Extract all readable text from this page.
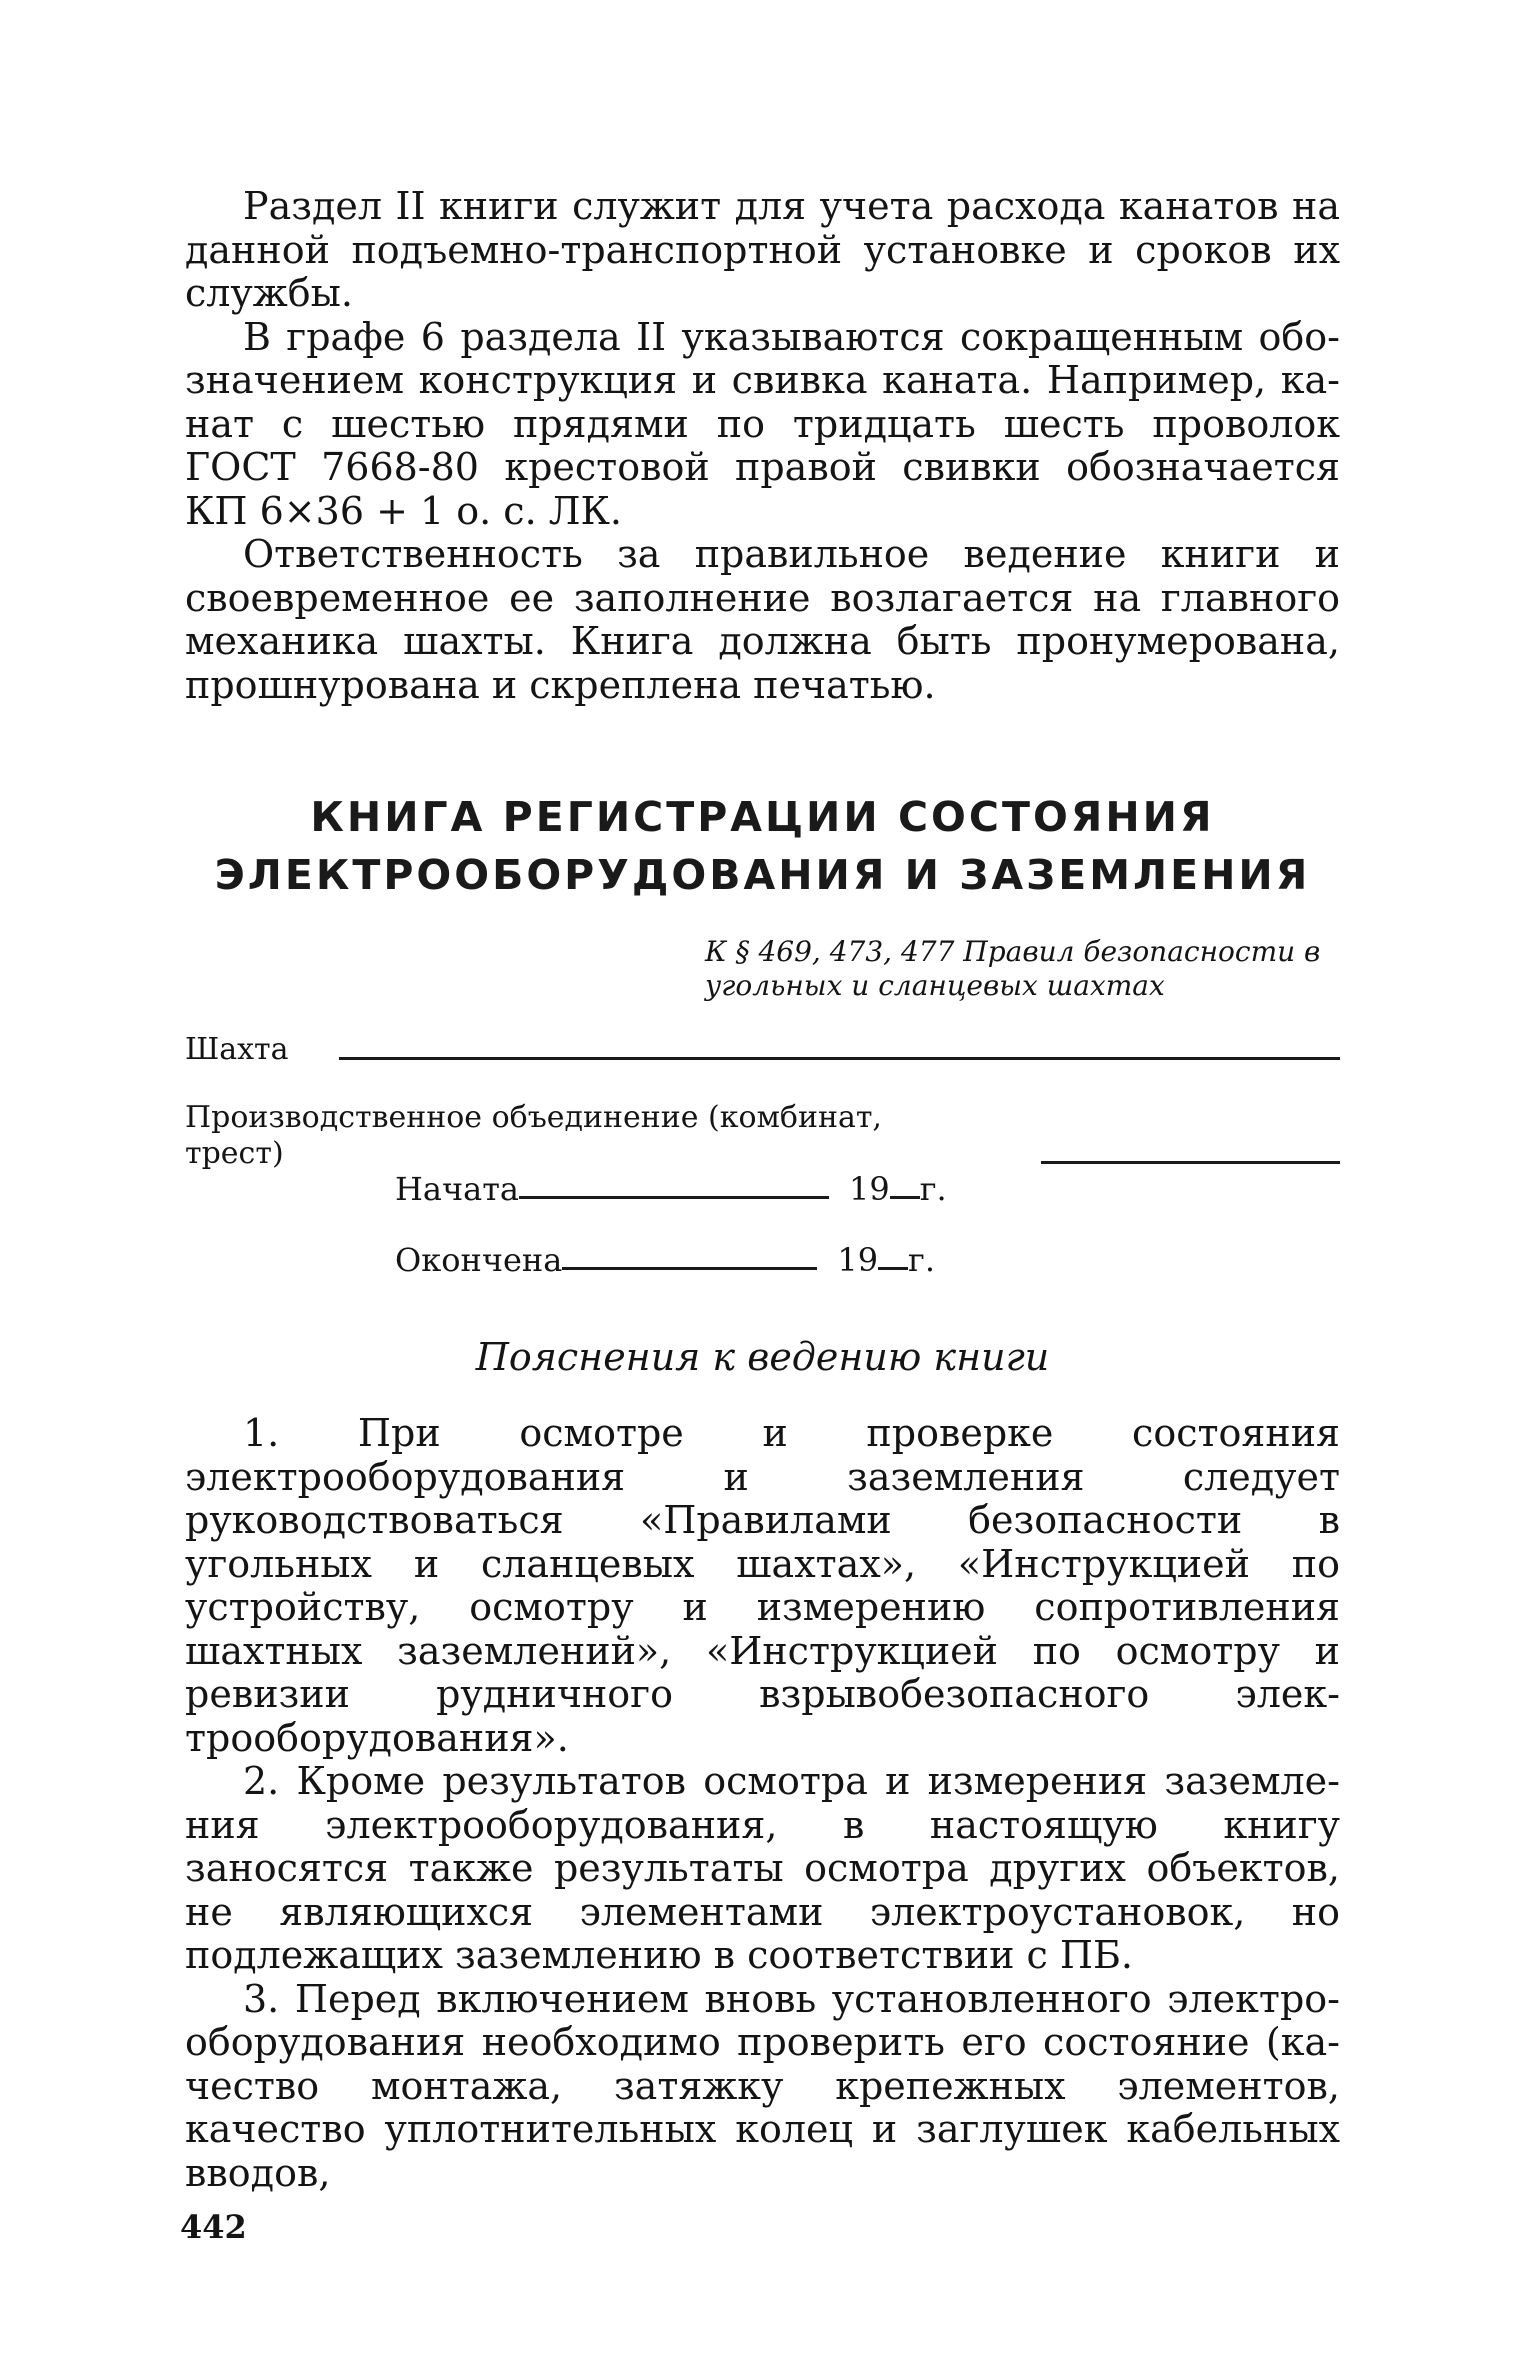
Раздел II книги служит для учета расхода канатов на данной подъемно-транспортной установке и сроков их службы.

В графе 6 раздела II указываются сокращенным обозначением конструкция и свивка каната. Например, канат с шестью прядями по тридцать шесть проволок ГОСТ 7668-80 крестовой правой свивки обозначается КП 6×36 + 1 о. с. ЛК.

Ответственность за правильное ведение книги и своевременное ее заполнение возлагается на главного механика шахты. Книга должна быть пронумерована, прошнурована и скреплена печатью.

КНИГА РЕГИСТРАЦИИ СОСТОЯНИЯ
ЭЛЕКТРООБОРУДОВАНИЯ И ЗАЗЕМЛЕНИЯ

К § 469, 473, 477 Правил безопасности в угольных и сланцевых шахтах

Шахта
Производственное объединение (комбинат, трест)
Начата	19 г.
Окончена	19 г.

Пояснения к ведению книги

1. При осмотре и проверке состояния электрооборудования и заземления следует руководствоваться «Правилами безопасности в угольных и сланцевых шахтах», «Инструкцией по устройству, осмотру и измерению сопротивления шахтных заземлений», «Инструкцией по осмотру и ревизии рудничного взрывобезопасного электрооборудования».

2. Кроме результатов осмотра и измерения заземления электрооборудования, в настоящую книгу заносятся также результаты осмотра других объектов, не являющихся элементами электроустановок, но подлежащих заземлению в соответствии с ПБ.

3. Перед включением вновь установленного электрооборудования необходимо проверить его состояние (качество монтажа, затяжку крепежных элементов, качество уплотнительных колец и заглушек кабельных вводов,

442
